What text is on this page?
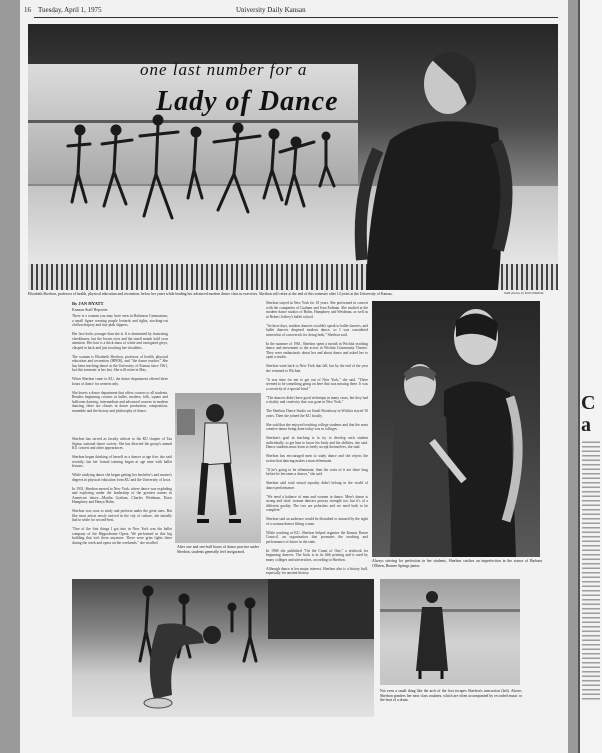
16 Tuesday, April 1, 1975	University Daily Kansan
one last number for a
Lady of Dance
Elizabeth Sherbon, professor of health, physical education and recreation, below her years while leading her advanced modern dance class in exercises. Sherbon will retire at the end of this semester after 14 years at the University of Kansas.	Staff photos by DON PIERCE
By JAN HYATT
Kansan Staff Reporter
There is a woman you may have seen in Robinson Gymnasium, a small figure wearing purple leotards and tights, stocking-cut chiffon drapery and tiny pink slippers.

Her face looks younger than she is. It is dominated by frustrating cheekbones, but the brown eyes and the small mouth hold your attention. Her hair is a thick mass of white and variegated greys, clasped in back and just touching her shoulders.

The woman is Elizabeth Sherbon, professor of health, physical education and recreation (HPER), and "the dance teacher." She has been teaching dance at the University of Kansas since 1961, but this semester is her last. She will retire in May.

When Sherbon came to KU, the dance department offered three hours of dance for women only.

She leaves a dance department that offers courses to all students. Besides beginning courses in ballet, modern, folk, square and ballroom dancing, intermediate and advanced courses in modern dancing, there are classes in dance production, composition, ensemble and the history and philosophy of dance.
Sherbon has served as faculty adviser to the KU chapter of Tau Sigma, national dance society. She has directed the group's annual KU concert and other appearances.

Sherbon began thinking of herself as a dancer at age five, she said recently, but her formal training began at age nine with ballet lessons.

While studying dance she began getting her bachelor's and master's degrees in physical education from KU and the University of Iowa.

In 1931, Sherbon moved to New York, where dance was exploding and exploring under the leadership of the greatest names in American dance—Martha Graham, Charles Weidman, Doris Humphrey and Hanya Holm.

Sherbon was soon to study and perform under the great ones. But like most artists newly arrived in the city of culture, she initially had to settle for second-best.

"One of the first things I got into in New York was the ballet company of the Hippodrome Opera. We performed in this big building that isn't there anymore. There were grim fights there during the week and opera on the weekends," she recalled.
Sherbon stayed in New York for 18 years. She performed in concert with the companies of Graham and Jean Erdman. She studied at the modern dance studios of Holm, Humphrey and Weidman, as well as at Robert Joffrey's ballet school.

"In those days, modern dancers wouldn't speak to ballet dancers, and ballet dancers despised modern dance, so I was considered somewhat of a maverick for doing both," Sherbon said.

In the summer of 1961, Sherbon spent a month in Wichita teaching dance and movement to the actors in Wichita Community Theatre. They were enthusiastic about her and about dance and asked her to open a studio.

Sherbon went back to New York that fall, but by the end of the year she returned to Wichita.

"It was time for me to get out of New York," she said. "There seemed to be something going on here that was missing there. It was a creativity of a special kind."

"The dancers didn't have good technique in many cases, but they had a vitality and creativity that was gone in New York."

The Sherbon Dance Studio on South Broadway in Wichita stayed 10 years. Then she joined the KU faculty.

She said that she enjoyed teaching college students and that the most creative dance being done today was in colleges.

Sherbon's goal in teaching is to try to develop each student individually, to get him to know his body and his abilities, she said. Dance students must learn to freely accept themselves, she said.

Sherbon has encouraged men to study dance and she rejects the notion that dancing makes a man effeminate.

"If he's going to be effeminate, then the roots of it are there long before he becomes a dancer," she said.

Sherbon said total sexual equality didn't belong in the world of dance performance.

"We need a balance of men and women in dance. Men's dance is strong and vital; woman dancers portray strength too, but it's of a different quality. The two are polarities and we need both to be complete."

Sherbon said an audience would be disturbed or amused by the sight of a woman dancer lifting a man.

While teaching at KU, Sherbon helped organize the Kansas Dance Council, an organization that promotes the teaching and performance of dance in the state.

In 1968 she published "On the Count of One," a textbook for beginning dancers. The book is in its fifth printing and is used by many colleges and universities, according to Sherbon.

Although dance is her major interest, Sherbon also is a history buff, especially for ancient history.

After one and one-half hours of dance practice under Sherbon, students generally feel invigorated.
Always striving for perfection in her students, Sherbon catches an imperfection in the stance of Barbara O'Brien, Bonner Springs junior.
Not even a small thing like the arch of the foot escapes Sherbon's instruction (left). Above, Sherbon ponders her next class routines, which are often accompanied by recorded music or the beat of a drum.
C
a
